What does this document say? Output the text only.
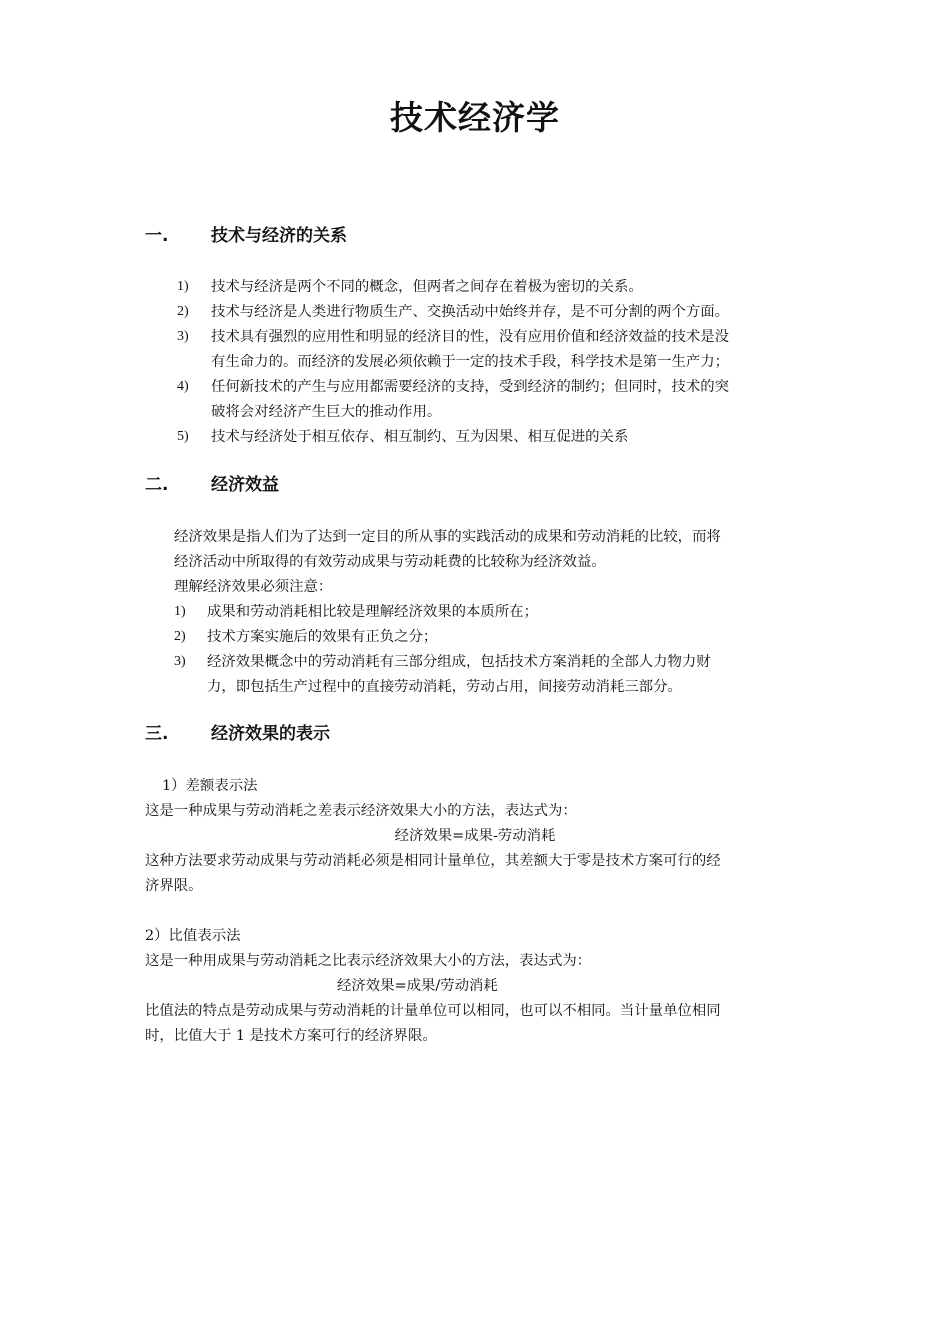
技术经济学
一.	技术与经济的关系
1) 技术与经济是两个不同的概念，但两者之间存在着极为密切的关系。
2) 技术与经济是人类进行物质生产、交换活动中始终并存，是不可分割的两个方面。
3) 技术具有强烈的应用性和明显的经济目的性，没有应用价值和经济效益的技术是没
有生命力的。而经济的发展必须依赖于一定的技术手段，科学技术是第一生产力；
4) 任何新技术的产生与应用都需要经济的支持，受到经济的制约；但同时，技术的突
破将会对经济产生巨大的推动作用。
5) 技术与经济处于相互依存、相互制约、互为因果、相互促进的关系
二.	经济效益
经济效果是指人们为了达到一定目的所从事的实践活动的成果和劳动消耗的比较，而将
经济活动中所取得的有效劳动成果与劳动耗费的比较称为经济效益。
理解经济效果必须注意：
1) 成果和劳动消耗相比较是理解经济效果的本质所在；
2) 技术方案实施后的效果有正负之分；
3) 经济效果概念中的劳动消耗有三部分组成，包括技术方案消耗的全部人力物力财
力，即包括生产过程中的直接劳动消耗，劳动占用，间接劳动消耗三部分。
三.	经济效果的表示
1）差额表示法
这是一种成果与劳动消耗之差表示经济效果大小的方法，表达式为：
经济效果=成果-劳动消耗
这种方法要求劳动成果与劳动消耗必须是相同计量单位，其差额大于零是技术方案可行的经
济界限。
2）比值表示法
这是一种用成果与劳动消耗之比表示经济效果大小的方法，表达式为：
经济效果=成果/劳动消耗
比值法的特点是劳动成果与劳动消耗的计量单位可以相同，也可以不相同。当计量单位相同
时，比值大于 1 是技术方案可行的经济界限。
